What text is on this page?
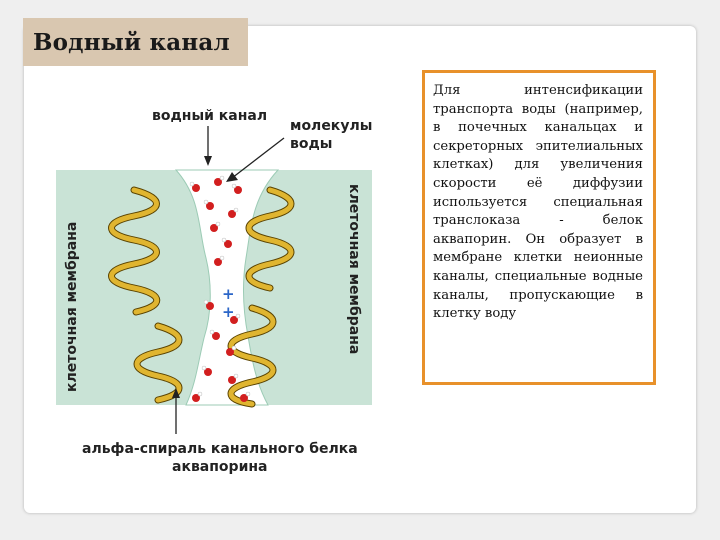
Водный канал
+
+
водный канал
молекулы
воды
клеточная мембрана	клеточная мембрана
альфа-спираль канального белка
аквапорина

Для интенсификации транспорта воды (например, в почечных канальцах и секреторных эпителиальных клетках) для увеличения скорости её диффузии используется специальная транслоказа - белок аквапорин. Он образует в мембране клетки неионные каналы, специальные водные каналы, пропускающие в клетку воду
